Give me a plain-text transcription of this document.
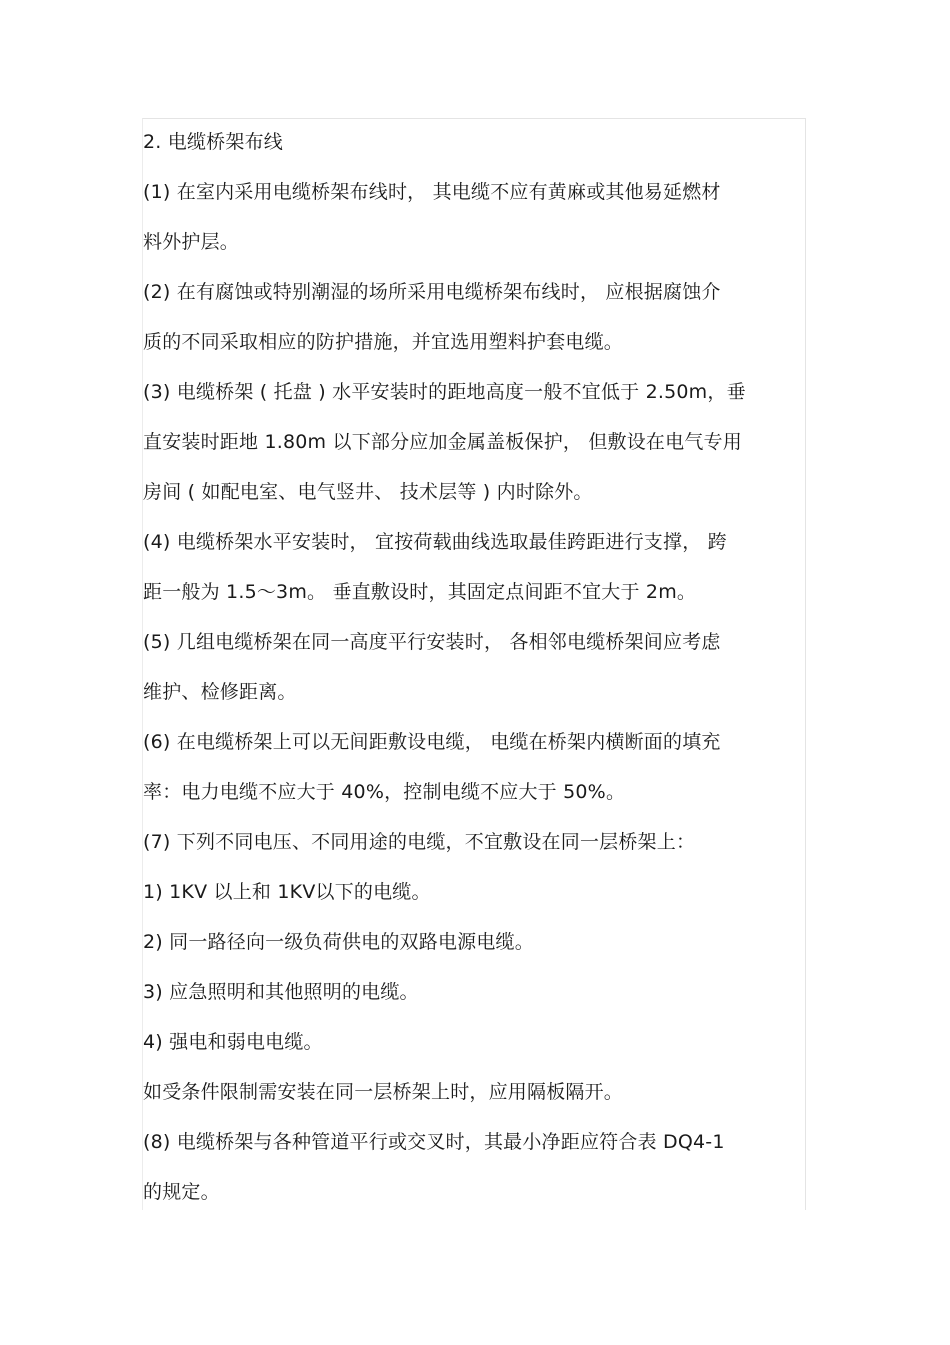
2. 电缆桥架布线
(1) 在室内采用电缆桥架布线时， 其电缆不应有黄麻或其他易延燃材
料外护层。
(2) 在有腐蚀或特别潮湿的场所采用电缆桥架布线时， 应根据腐蚀介
质的不同采取相应的防护措施，并宜选用塑料护套电缆。
(3) 电缆桥架 ( 托盘 ) 水平安装时的距地高度一般不宜低于 2.50m，垂
直安装时距地 1.80m 以下部分应加金属盖板保护， 但敷设在电气专用
房间 ( 如配电室、电气竖井、 技术层等 ) 内时除外。
(4) 电缆桥架水平安装时， 宜按荷载曲线选取最佳跨距进行支撑， 跨
距一般为 1.5～3m。 垂直敷设时，其固定点间距不宜大于 2m。
(5) 几组电缆桥架在同一高度平行安装时， 各相邻电缆桥架间应考虑
维护、检修距离。
(6) 在电缆桥架上可以无间距敷设电缆， 电缆在桥架内横断面的填充
率：电力电缆不应大于 40%，控制电缆不应大于 50%。
(7) 下列不同电压、不同用途的电缆，不宜敷设在同一层桥架上：
1) 1KV 以上和 1KV以下的电缆。
2) 同一路径向一级负荷供电的双路电源电缆。
3) 应急照明和其他照明的电缆。
4) 强电和弱电电缆。
如受条件限制需安装在同一层桥架上时，应用隔板隔开。
(8) 电缆桥架与各种管道平行或交叉时，其最小净距应符合表 DQ4-1
的规定。
